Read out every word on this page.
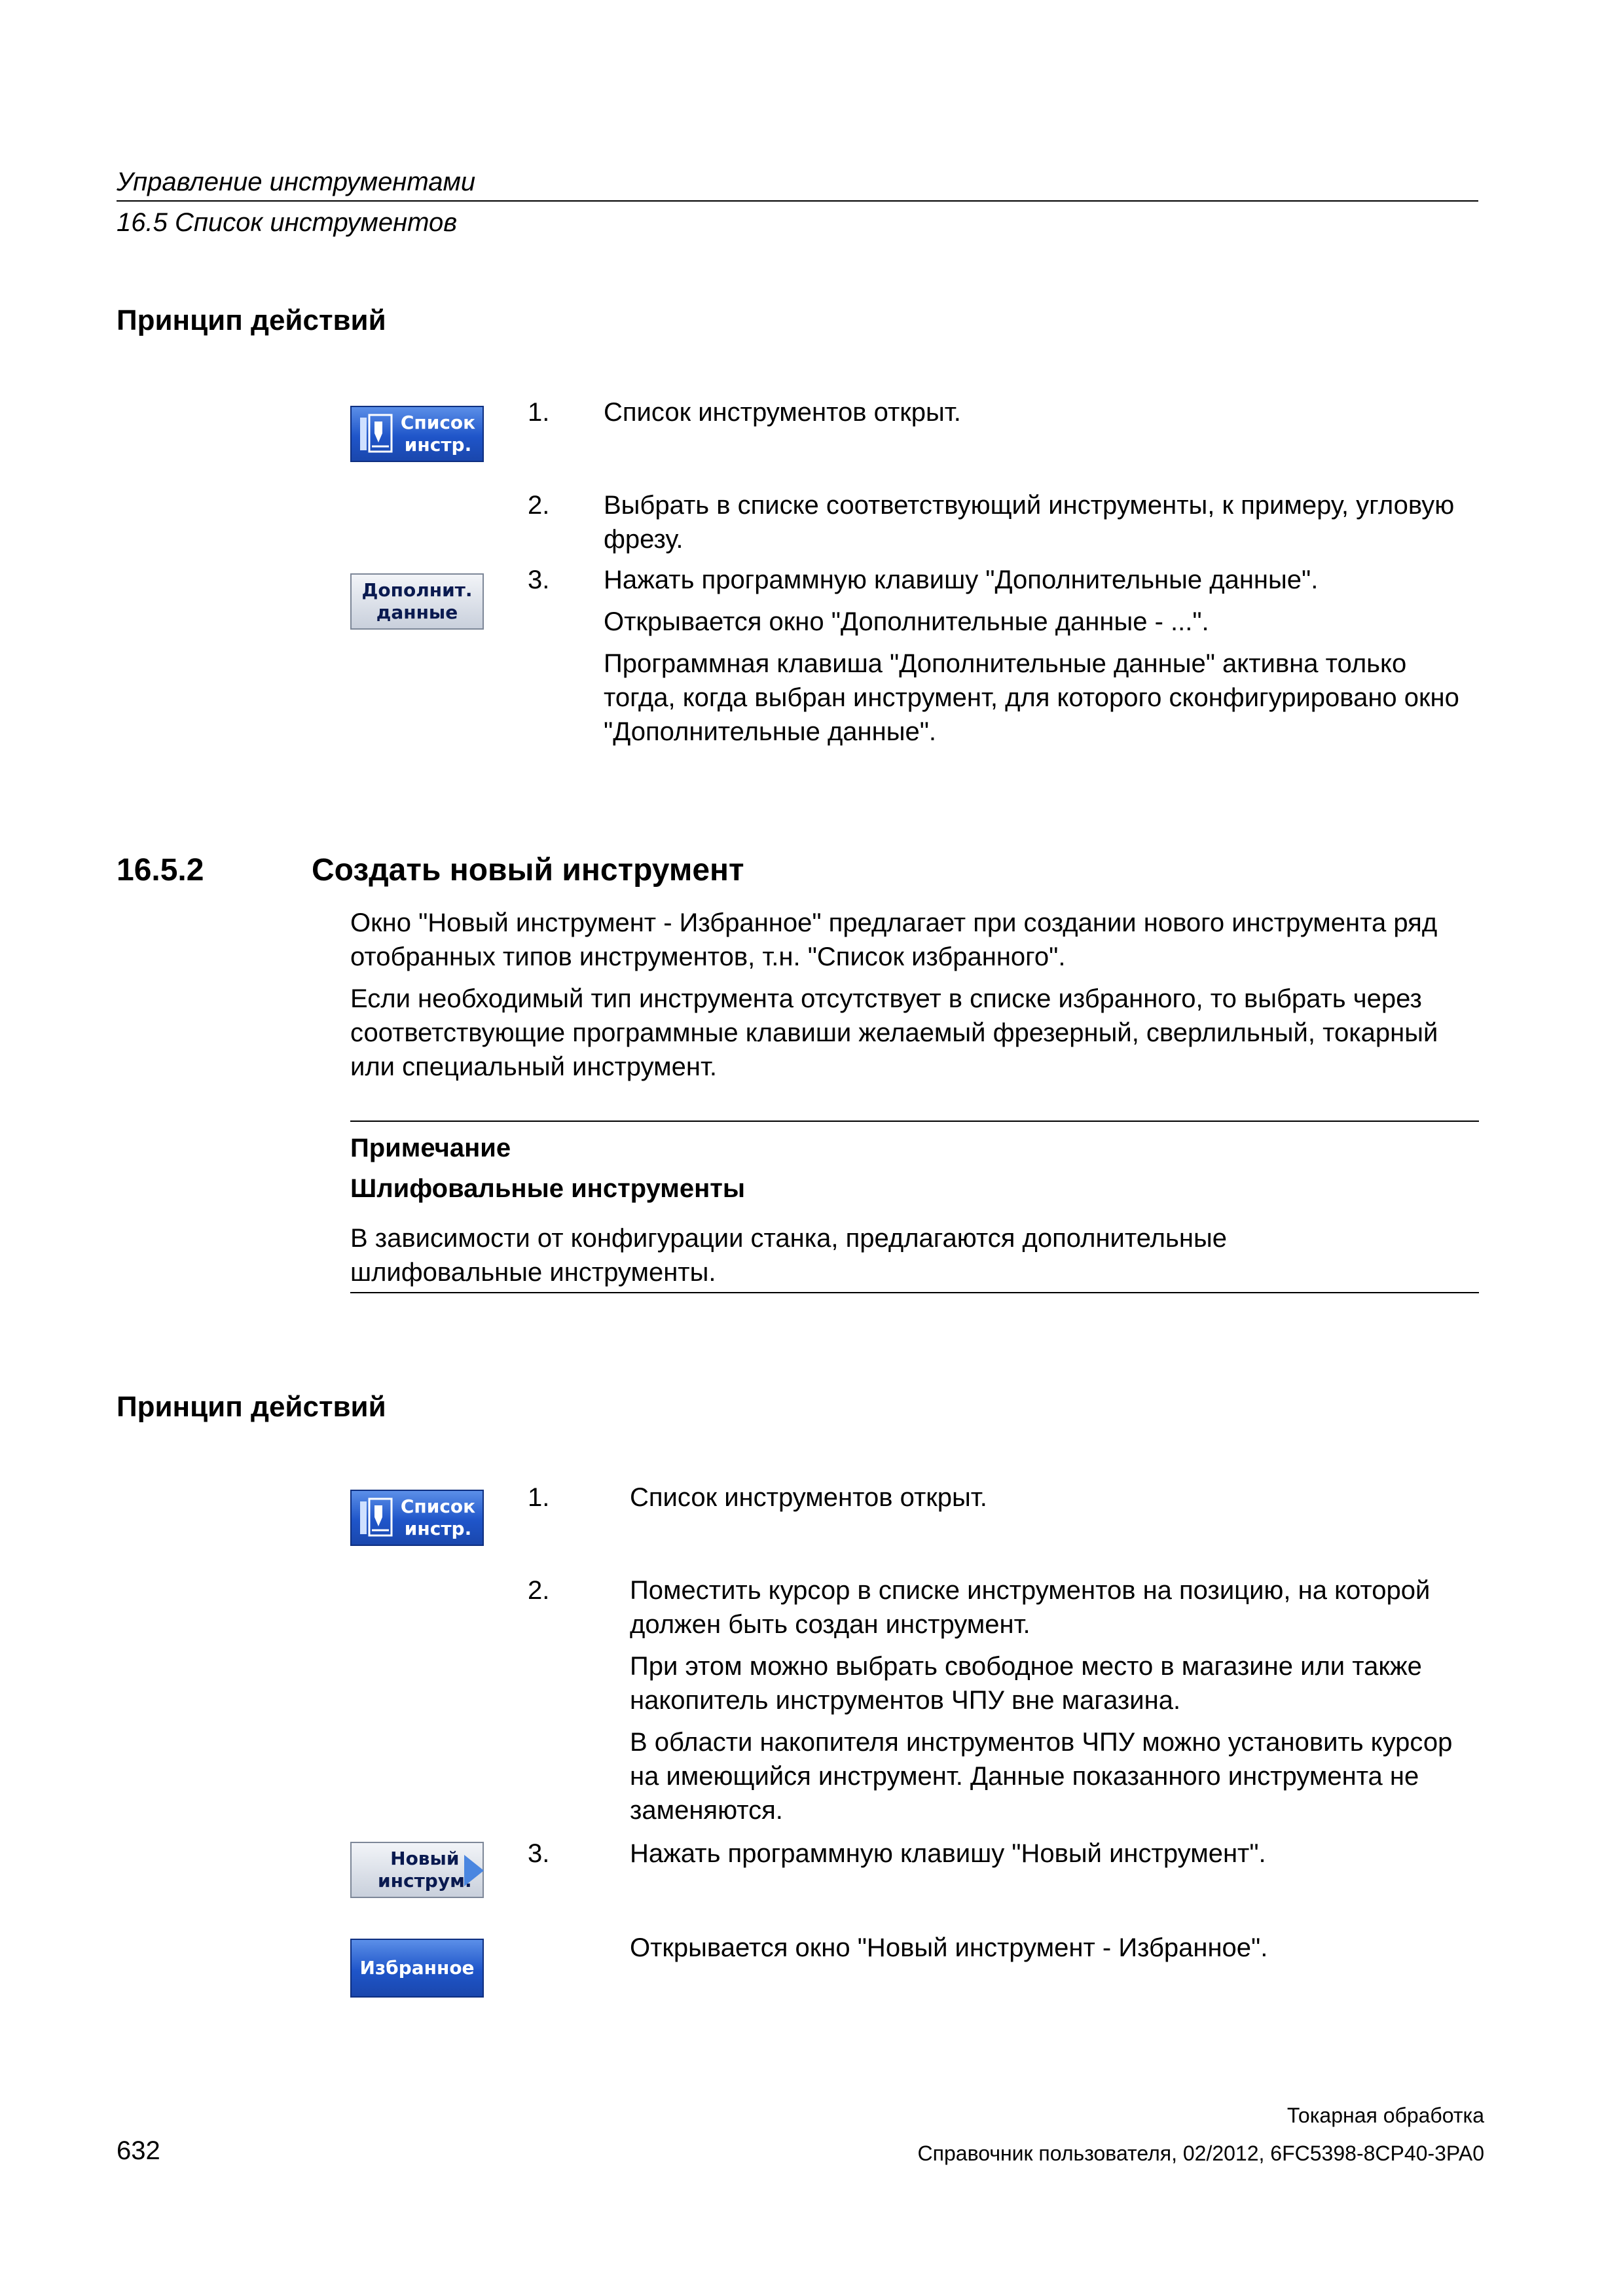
Управление инструментами
16.5 Список инструментов
Принцип действий
Список
инстр.
Дополнит.
данные
1. Список инструментов открыт.

2. Выбрать в списке соответствующий инструменты, к примеру, угловую фрезу.

3. Нажать программную клавишу "Дополнительные данные".

Открывается окно "Дополнительные данные - ...".

Программная клавиша "Дополнительные данные" активна только тогда, когда выбран инструмент, для которого сконфигурировано окно "Дополнительные данные".

16.5.2	Создать новый инструмент

Окно "Новый инструмент - Избранное" предлагает при создании нового инструмента ряд отобранных типов инструментов, т.н. "Список избранного".

Если необходимый тип инструмента отсутствует в списке избранного, то выбрать через соответствующие программные клавиши желаемый фрезерный, сверлильный, токарный или специальный инструмент.

Примечание
Шлифовальные инструменты

В зависимости от конфигурации станка, предлагаются дополнительные шлифовальные инструменты.

Принцип действий
Список
инстр.
Новый
инструм.
Избранное
1.	Список инструментов открыт.

2.	Поместить курсор в списке инструментов на позицию, на которой должен быть создан инструмент.

При этом можно выбрать свободное место в магазине или также накопитель инструментов ЧПУ вне магазина.

В области накопителя инструментов ЧПУ можно установить курсор на имеющийся инструмент. Данные показанного инструмента не заменяются.

3.	Нажать программную клавишу "Новый инструмент".

Открывается окно "Новый инструмент - Избранное".

Токарная обработка
632	Справочник пользователя, 02/2012, 6FC5398-8CP40-3PA0
